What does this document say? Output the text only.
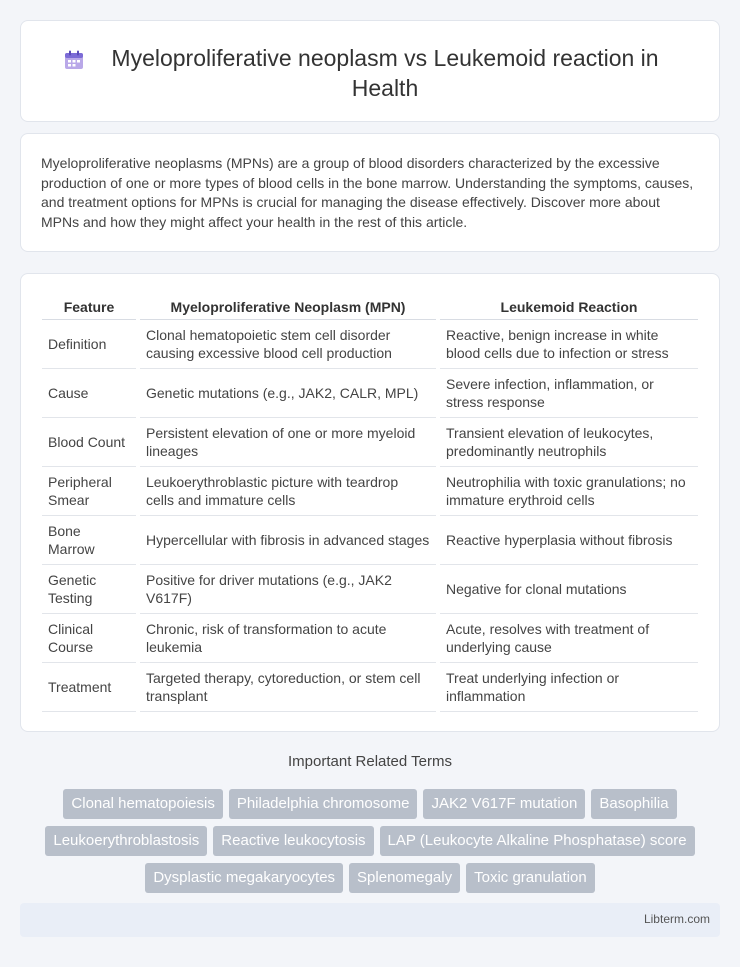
Myeloproliferative neoplasm vs Leukemoid reaction in Health

Myeloproliferative neoplasms (MPNs) are a group of blood disorders characterized by the excessive production of one or more types of blood cells in the bone marrow. Understanding the symptoms, causes, and treatment options for MPNs is crucial for managing the disease effectively. Discover more about MPNs and how they might affect your health in the rest of this article.

Feature	Myeloproliferative Neoplasm (MPN)	Leukemoid Reaction
Definition	Clonal hematopoietic stem cell disorder causing excessive blood cell production	Reactive, benign increase in white blood cells due to infection or stress
Cause	Genetic mutations (e.g., JAK2, CALR, MPL)	Severe infection, inflammation, or stress response
Blood Count	Persistent elevation of one or more myeloid lineages	Transient elevation of leukocytes, predominantly neutrophils
Peripheral Smear	Leukoerythroblastic picture with teardrop cells and immature cells	Neutrophilia with toxic granulations; no immature erythroid cells
Bone Marrow	Hypercellular with fibrosis in advanced stages	Reactive hyperplasia without fibrosis
Genetic Testing	Positive for driver mutations (e.g., JAK2 V617F)	Negative for clonal mutations
Clinical Course	Chronic, risk of transformation to acute leukemia	Acute, resolves with treatment of underlying cause
Treatment	Targeted therapy, cytoreduction, or stem cell transplant	Treat underlying infection or inflammation
Important Related Terms
Clonal hematopoiesis	Philadelphia chromosome	JAK2 V617F mutation	Basophilia
Leukoerythroblastosis	Reactive leukocytosis	LAP (Leukocyte Alkaline Phosphatase) score
Dysplastic megakaryocytes	Splenomegaly	Toxic granulation
Libterm.com
